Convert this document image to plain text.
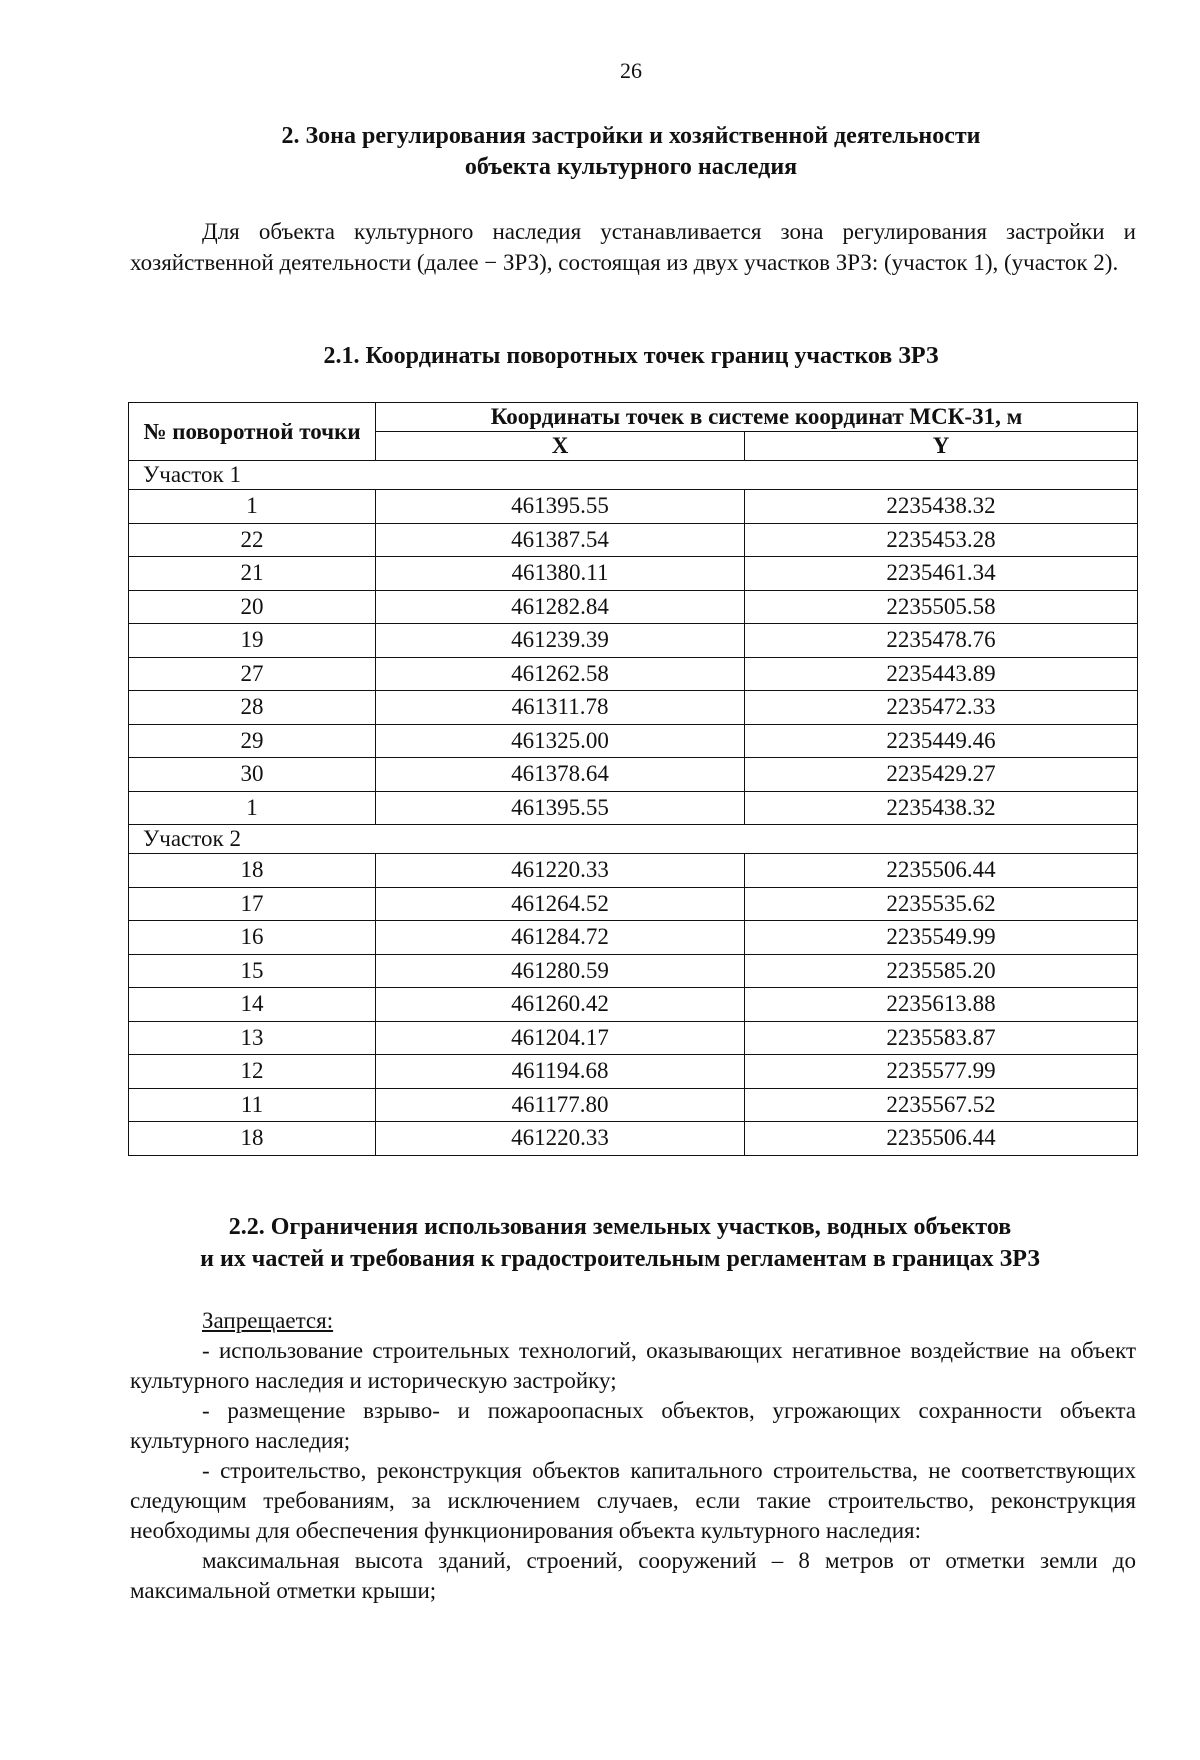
26
2. Зона регулирования застройки и хозяйственной деятельности
объекта культурного наследия
Для объекта культурного наследия устанавливается зона регулирования застройки и хозяйственной деятельности (далее − ЗРЗ), состоящая из двух участков ЗРЗ: (участок 1), (участок 2).
2.1. Координаты поворотных точек границ участков ЗРЗ
№ поворотной точки	Координаты точек в системе координат МСК-31, м	
	X	Y
Участок 1		
1	461395.55	2235438.32
22	461387.54	2235453.28
21	461380.11	2235461.34
20	461282.84	2235505.58
19	461239.39	2235478.76
27	461262.58	2235443.89
28	461311.78	2235472.33
29	461325.00	2235449.46
30	461378.64	2235429.27
1	461395.55	2235438.32
Участок 2		
18	461220.33	2235506.44
17	461264.52	2235535.62
16	461284.72	2235549.99
15	461280.59	2235585.20
14	461260.42	2235613.88
13	461204.17	2235583.87
12	461194.68	2235577.99
11	461177.80	2235567.52
18	461220.33	2235506.44
2.2. Ограничения использования земельных участков, водных объектов
и их частей и требования к градостроительным регламентам в границах ЗРЗ

Запрещается:

- использование строительных технологий, оказывающих негативное воздействие на объект культурного наследия и историческую застройку;

- размещение взрыво- и пожароопасных объектов, угрожающих сохранности объекта культурного наследия;

- строительство, реконструкция объектов капитального строительства, не соответствующих следующим требованиям, за исключением случаев, если такие строительство, реконструкция необходимы для обеспечения функционирования объекта культурного наследия:

максимальная высота зданий, строений, сооружений – 8 метров от отметки земли до максимальной отметки крыши;
